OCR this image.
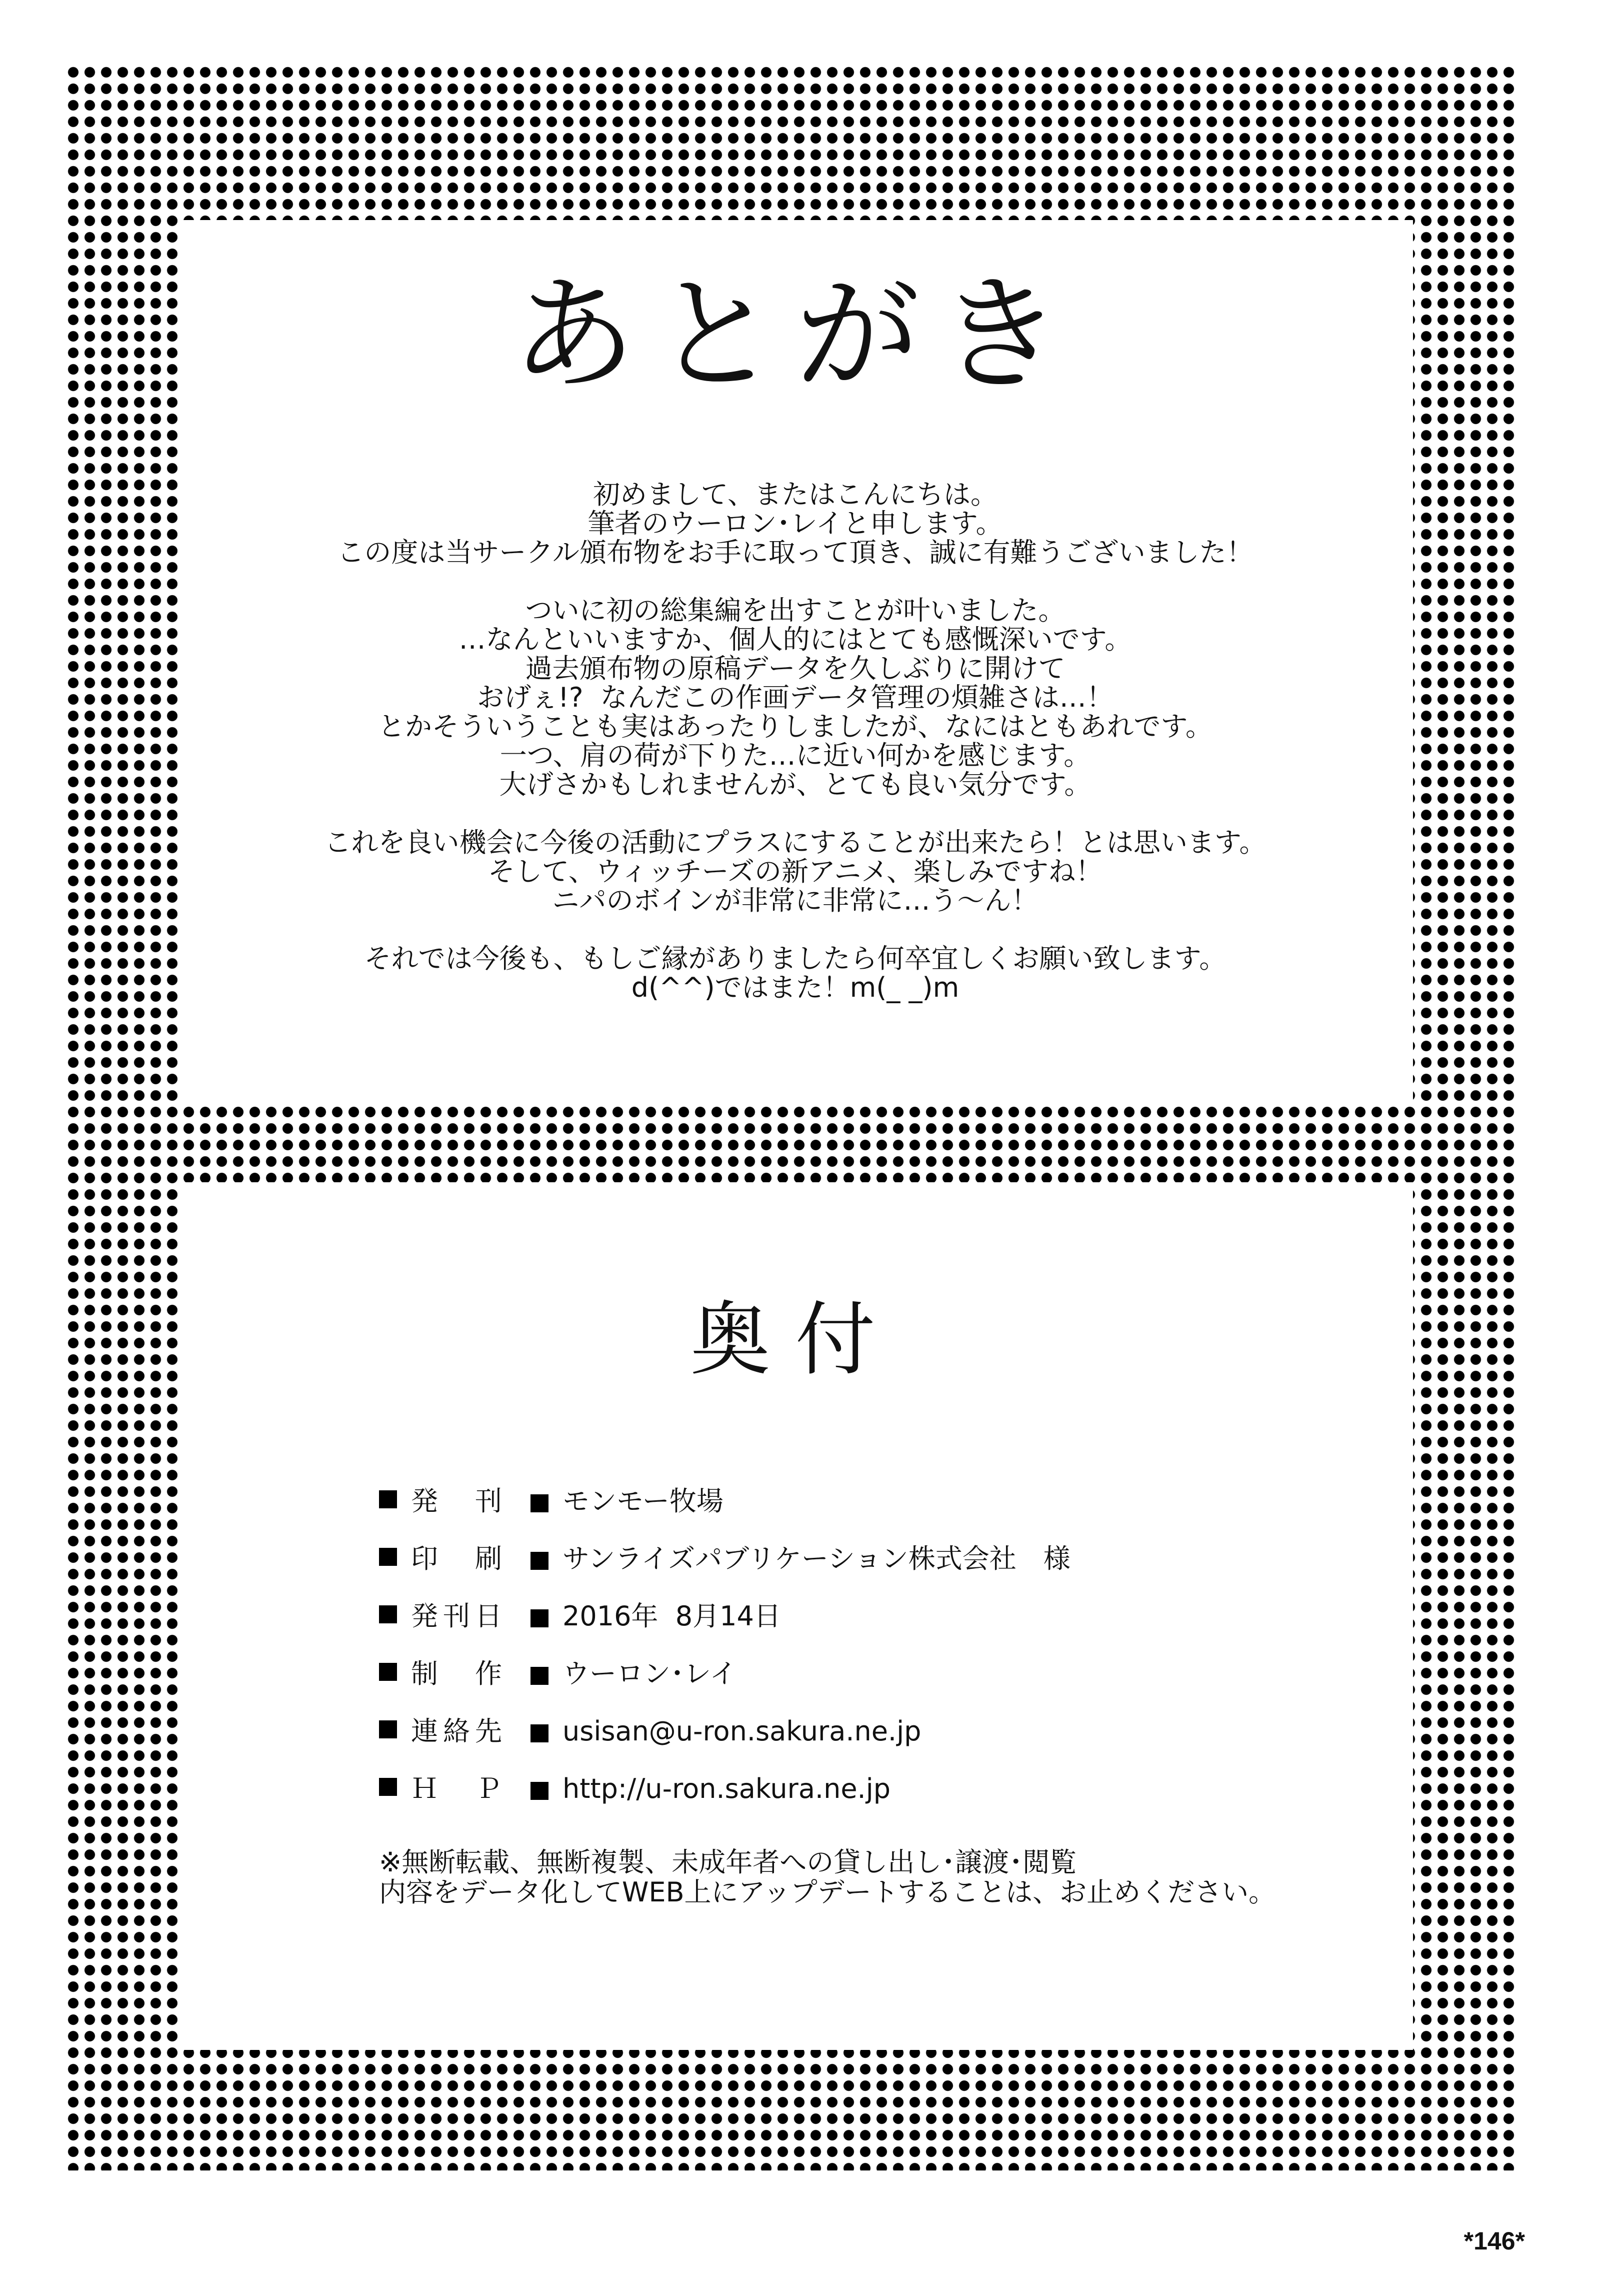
あとがき
初めまして、またはこんにちは。
筆者のウーロン･レイと申します。
この度は当サークル頒布物をお手に取って頂き、誠に有難うございました！
ついに初の総集編を出すことが叶いました。
…なんといいますか、個人的にはとても感慨深いです。
過去頒布物の原稿データを久しぶりに開けて
おげぇ!?  なんだこの作画データ管理の煩雑さは…！
とかそういうことも実はあったりしましたが、なにはともあれです。
一つ、肩の荷が下りた…に近い何かを感じます。
大げさかもしれませんが、とても良い気分です。
これを良い機会に今後の活動にプラスにすることが出来たら！とは思います。
そして、ウィッチーズの新アニメ、楽しみですね！
ニパのボインが非常に非常に…う～ん！
それでは今後も、もしご縁がありましたら何卒宜しくお願い致します。
d(^^)ではまた！m(_ _)m
奥付
発　刊 モンモー牧場
印　刷 サンライズパブリケーション株式会社　様
発刊日 2016年  8月14日
制　作 ウーロン･レイ
連絡先 usisan@u-ron.sakura.ne.jp
Ｈ　Ｐ http://u-ron.sakura.ne.jp
※無断転載、無断複製、未成年者への貸し出し･譲渡･閲覧
内容をデータ化してWEB上にアップデートすることは、お止めください。
*146*
